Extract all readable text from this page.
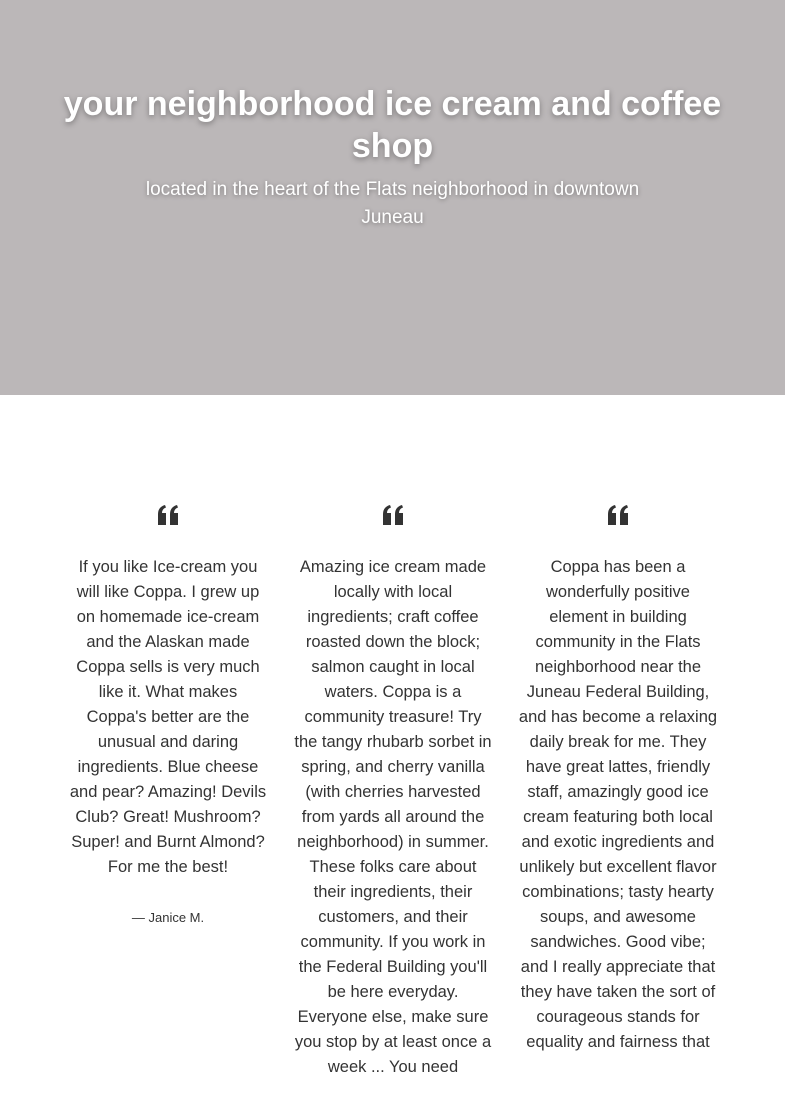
your neighborhood ice cream and coffee shop

located in the heart of the Flats neighborhood in downtown Juneau

If you like Ice-cream you will like Coppa. I grew up on homemade ice-cream and the Alaskan made Coppa sells is very much like it. What makes Coppa's better are the unusual and daring ingredients. Blue cheese and pear? Amazing! Devils Club? Great! Mushroom? Super! and Burnt Almond? For me the best!

— Janice M.

Amazing ice cream made locally with local ingredients; craft coffee roasted down the block; salmon caught in local waters. Coppa is a community treasure! Try the tangy rhubarb sorbet in spring, and cherry vanilla (with cherries harvested from yards all around the neighborhood) in summer. These folks care about their ingredients, their customers, and their community. If you work in the Federal Building you'll be here everyday. Everyone else, make sure you stop by at least once a week ... You need

Coppa has been a wonderfully positive element in building community in the Flats neighborhood near the Juneau Federal Building, and has become a relaxing daily break for me. They have great lattes, friendly staff, amazingly good ice cream featuring both local and exotic ingredients and unlikely but excellent flavor combinations; tasty hearty soups, and awesome sandwiches. Good vibe; and I really appreciate that they have taken the sort of courageous stands for equality and fairness that
